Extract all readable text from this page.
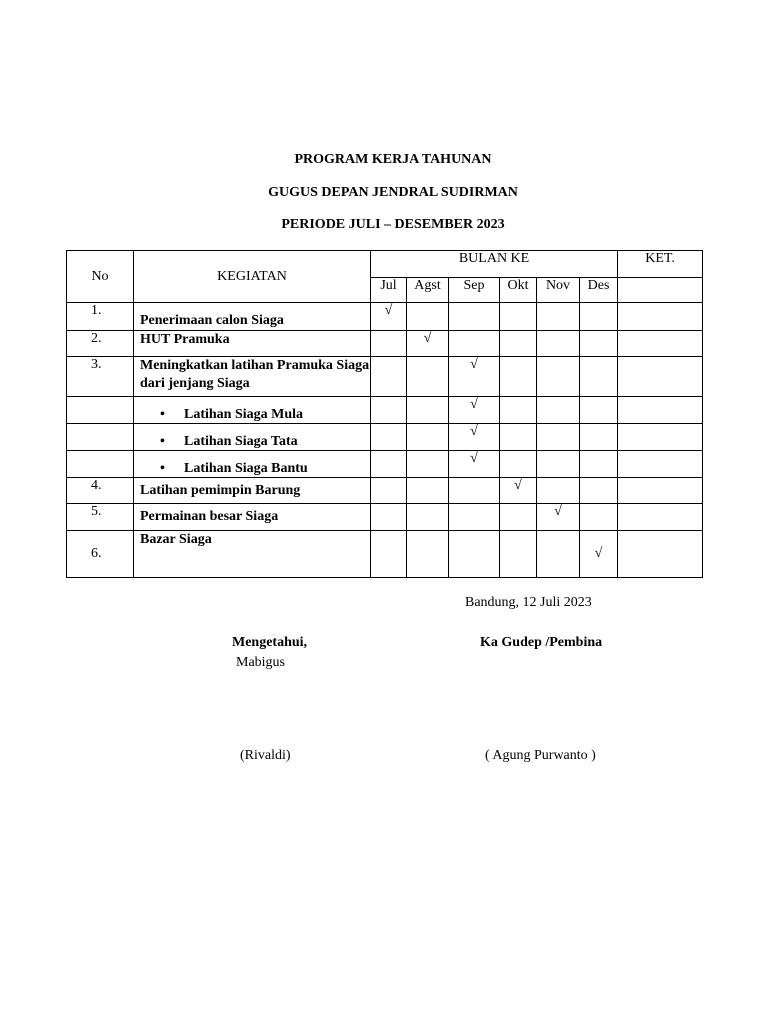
PROGRAM KERJA TAHUNAN
GUGUS DEPAN JENDRAL SUDIRMAN
PERIODE JULI – DESEMBER 2023
No	KEGIATAN	BULAN KE						KET.
		Jul	Agst	Sep	Okt	Nov	Des	
1.	Penerimaan calon Siaga	√						
2.	HUT Pramuka		√					
3.	Meningkatkan latihan Pramuka Siaga dari jenjang Siaga			√				
	• Latihan Siaga Mula			√				
	• Latihan Siaga Tata			√				
	• Latihan Siaga Bantu			√				
4.	Latihan pemimpin Barung				√			
5.	Permainan besar Siaga					√		
6.	Bazar Siaga						√	
Bandung, 12 Juli 2023
Mengetahui,
Mabigus
Ka Gudep /Pembina
(Rivaldi)	( Agung Purwanto )
